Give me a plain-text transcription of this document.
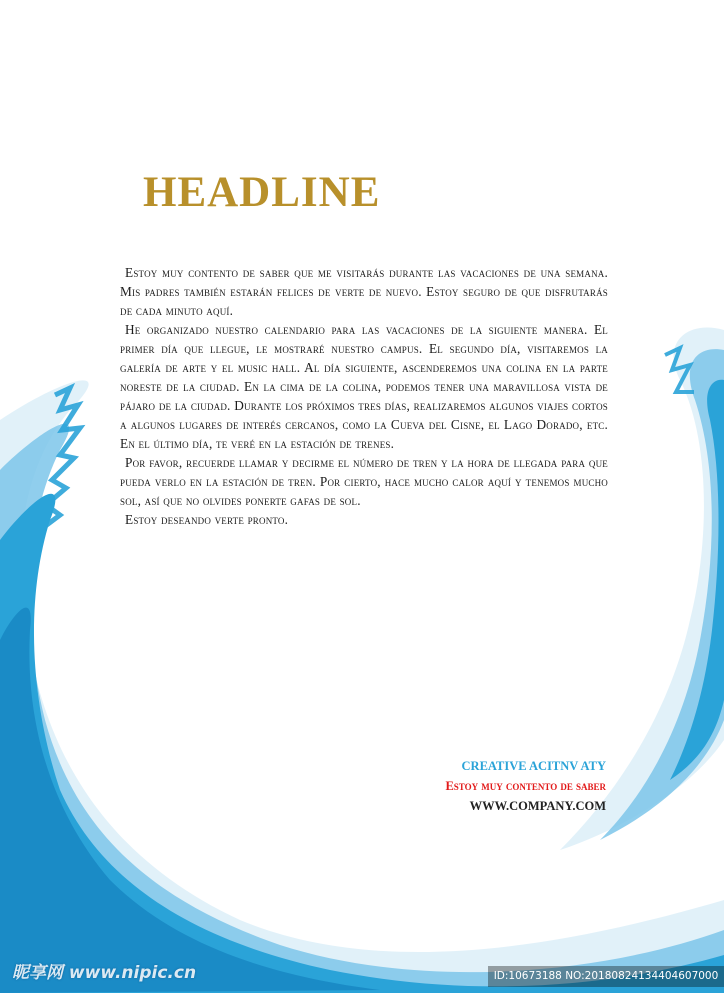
HEADLINE

Estoy muy contento de saber que me visitarás durante las vacaciones de una semana. Mis padres también estarán felices de verte de nuevo. Estoy seguro de que disfrutarás de cada minuto aquí.

He organizado nuestro calendario para las vacaciones de la siguiente manera. El primer día que llegue, le mostraré nuestro campus. El segundo día, visitaremos la galería de arte y el music hall. Al día siguiente, ascenderemos una colina en la parte noreste de la ciudad. En la cima de la colina, podemos tener una maravillosa vista de pájaro de la ciudad. Durante los próximos tres días, realizaremos algunos viajes cortos a algunos lugares de interés cercanos, como la Cueva del Cisne, el Lago Dorado, etc. En el último día, te veré en la estación de trenes.

Por favor, recuerde llamar y decirme el número de tren y la hora de llegada para que pueda verlo en la estación de tren. Por cierto, hace mucho calor aquí y tenemos mucho sol, así que no olvides ponerte gafas de sol.

Estoy deseando verte pronto.

CREATIVE ACITNV ATY
Estoy muy contento de saber
WWW.COMPANY.COM
昵享网 www.nipic.cn	ID:10673188 NO:20180824134404607000
